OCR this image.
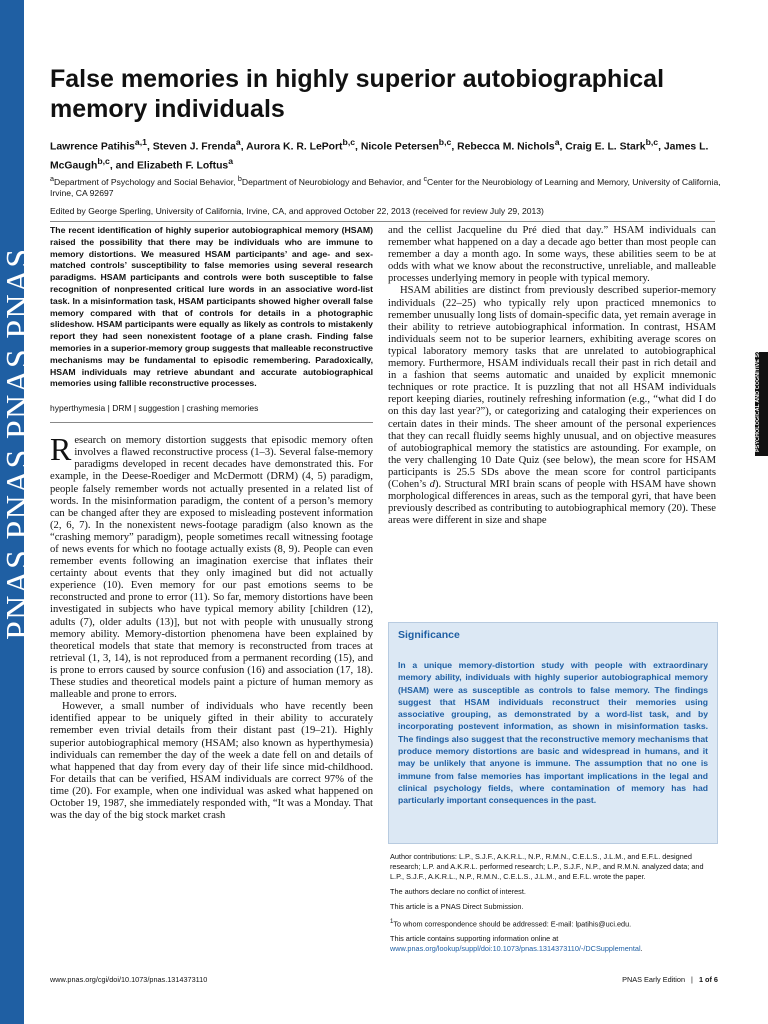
PNAS PNAS PNAS PNAS	PSYCHOLOGICAL AND COGNITIVE SCIENCES
False memories in highly superior autobiographical memory individuals
Lawrence Patihis$^{a,1}$, Steven J. Frenda$^a$, Aurora K. R. LePort$^{b,c}$, Nicole Petersen$^{b,c}$, Rebecca M. Nichols$^a$, Craig E. L. Stark$^{b,c}$, James L. McGaugh$^{b,c}$, and Elizabeth F. Loftus$^a$
$^a$Department of Psychology and Social Behavior, $^b$Department of Neurobiology and Behavior, and $^c$Center for the Neurobiology of Learning and Memory, University of California, Irvine, CA 92697
Edited by George Sperling, University of California, Irvine, CA, and approved October 22, 2013 (received for review July 29, 2013)

The recent identification of highly superior autobiographical memory (HSAM) raised the possibility that there may be individuals who are immune to memory distortions. We measured HSAM participants’ and age- and sex-matched controls’ susceptibility to false memories using several research paradigms. HSAM participants and controls were both susceptible to false recognition of nonpresented critical lure words in an associative word-list task. In a misinformation task, HSAM participants showed higher overall false memory compared with that of controls for details in a photographic slideshow. HSAM participants were equally as likely as controls to mistakenly report they had seen nonexistent footage of a plane crash. Finding false memories in a superior-memory group suggests that malleable reconstructive mechanisms may be fundamental to episodic remembering. Paradoxically, HSAM individuals may retrieve abundant and accurate autobiographical memories using fallible reconstructive processes.

hyperthymesia | DRM | suggestion | crashing memories

Research on memory distortion suggests that episodic memory often involves a flawed reconstructive process (1–3). Several false-memory paradigms developed in recent decades have demonstrated this. For example, in the Deese-Roediger and McDermott (DRM) (4, 5) paradigm, people falsely remember words not actually presented in a related list of words. In the misinformation paradigm, the content of a person’s memory can be changed after they are exposed to misleading postevent information (2, 6, 7). In the nonexistent news-footage paradigm (also known as the “crashing memory” paradigm), people sometimes recall witnessing footage of news events for which no footage actually exists (8, 9). People can even remember events following an imagination exercise that inflates their certainty about events that they only imagined but did not actually experience (10). Even memory for our past emotions seems to be reconstructed and prone to error (11). So far, memory distortions have been investigated in subjects who have typical memory ability [children (12), adults (7), older adults (13)], but not with people with unusually strong memory ability. Memory-distortion phenomena have been explained by theoretical models that state that memory is reconstructed from traces at retrieval (1, 3, 14), is not reproduced from a permanent recording (15), and is prone to errors caused by source confusion (16) and association (17, 18). These studies and theoretical models paint a picture of human memory as malleable and prone to errors.

However, a small number of individuals who have recently been identified appear to be uniquely gifted in their ability to accurately remember even trivial details from their distant past (19–21). Highly superior autobiographical memory (HSAM; also known as hyperthymesia) individuals can remember the day of the week a date fell on and details of what happened that day from every day of their life since mid-childhood. For details that can be verified, HSAM individuals are correct 97% of the time (20). For example, when one individual was asked what happened on October 19, 1987, she immediately responded with, “It was a Monday. That was the day of the big stock market crash

and the cellist Jacqueline du Pré died that day.” HSAM individuals can remember what happened on a day a decade ago better than most people can remember a day a month ago. In some ways, these abilities seem to be at odds with what we know about the reconstructive, unreliable, and malleable processes underlying memory in people with typical memory.

HSAM abilities are distinct from previously described superior-memory individuals (22–25) who typically rely upon practiced mnemonics to remember unusually long lists of domain-specific data, yet remain average in their ability to retrieve autobiographical information. In contrast, HSAM individuals seem not to be superior learners, exhibiting average scores on typical laboratory memory tasks that are unrelated to autobiographical memory. Furthermore, HSAM individuals recall their past in rich detail and in a fashion that seems automatic and unaided by explicit mnemonic techniques or rote practice. It is puzzling that not all HSAM individuals report keeping diaries, routinely refreshing information (e.g., “what did I do on this day last year?”), or categorizing and cataloging their experiences on certain dates in their minds. The sheer amount of the personal experiences that they can recall fluidly seems highly unusual, and on objective measures of autobiographical memory the statistics are astounding. For example, on the very challenging 10 Date Quiz (see below), the mean score for HSAM participants is 25.5 SDs above the mean score for control participants (Cohen’s d). Structural MRI brain scans of people with HSAM have shown morphological differences in areas, such as the temporal gyri, that have been previously described as contributing to autobiographical memory (20). These areas were different in size and shape

Significance

In a unique memory-distortion study with people with extraordinary memory ability, individuals with highly superior autobiographical memory (HSAM) were as susceptible as controls to false memory. The findings suggest that HSAM individuals reconstruct their memories using associative grouping, as demonstrated by a word-list task, and by incorporating postevent information, as shown in misinformation tasks. The findings also suggest that the reconstructive memory mechanisms that produce memory distortions are basic and widespread in humans, and it may be unlikely that anyone is immune. The assumption that no one is immune from false memories has important implications in the legal and clinical psychology fields, where contamination of memory has had particularly important consequences in the past.

Author contributions: L.P., S.J.F., A.K.R.L., N.P., R.M.N., C.E.L.S., J.L.M., and E.F.L. designed research; L.P. and A.K.R.L. performed research; L.P., S.J.F., N.P., and R.M.N. analyzed data; and L.P., S.J.F., A.K.R.L., N.P., R.M.N., C.E.L.S., J.L.M., and E.F.L. wrote the paper.

The authors declare no conflict of interest.

This article is a PNAS Direct Submission.

$^1$To whom correspondence should be addressed: E-mail: lpatihis@uci.edu.

This article contains supporting information online at www.pnas.org/lookup/suppl/doi:10.1073/pnas.1314373110/-/DCSupplemental.

www.pnas.org/cgi/doi/10.1073/pnas.1314373110	PNAS Early Edition | 1 of 6
